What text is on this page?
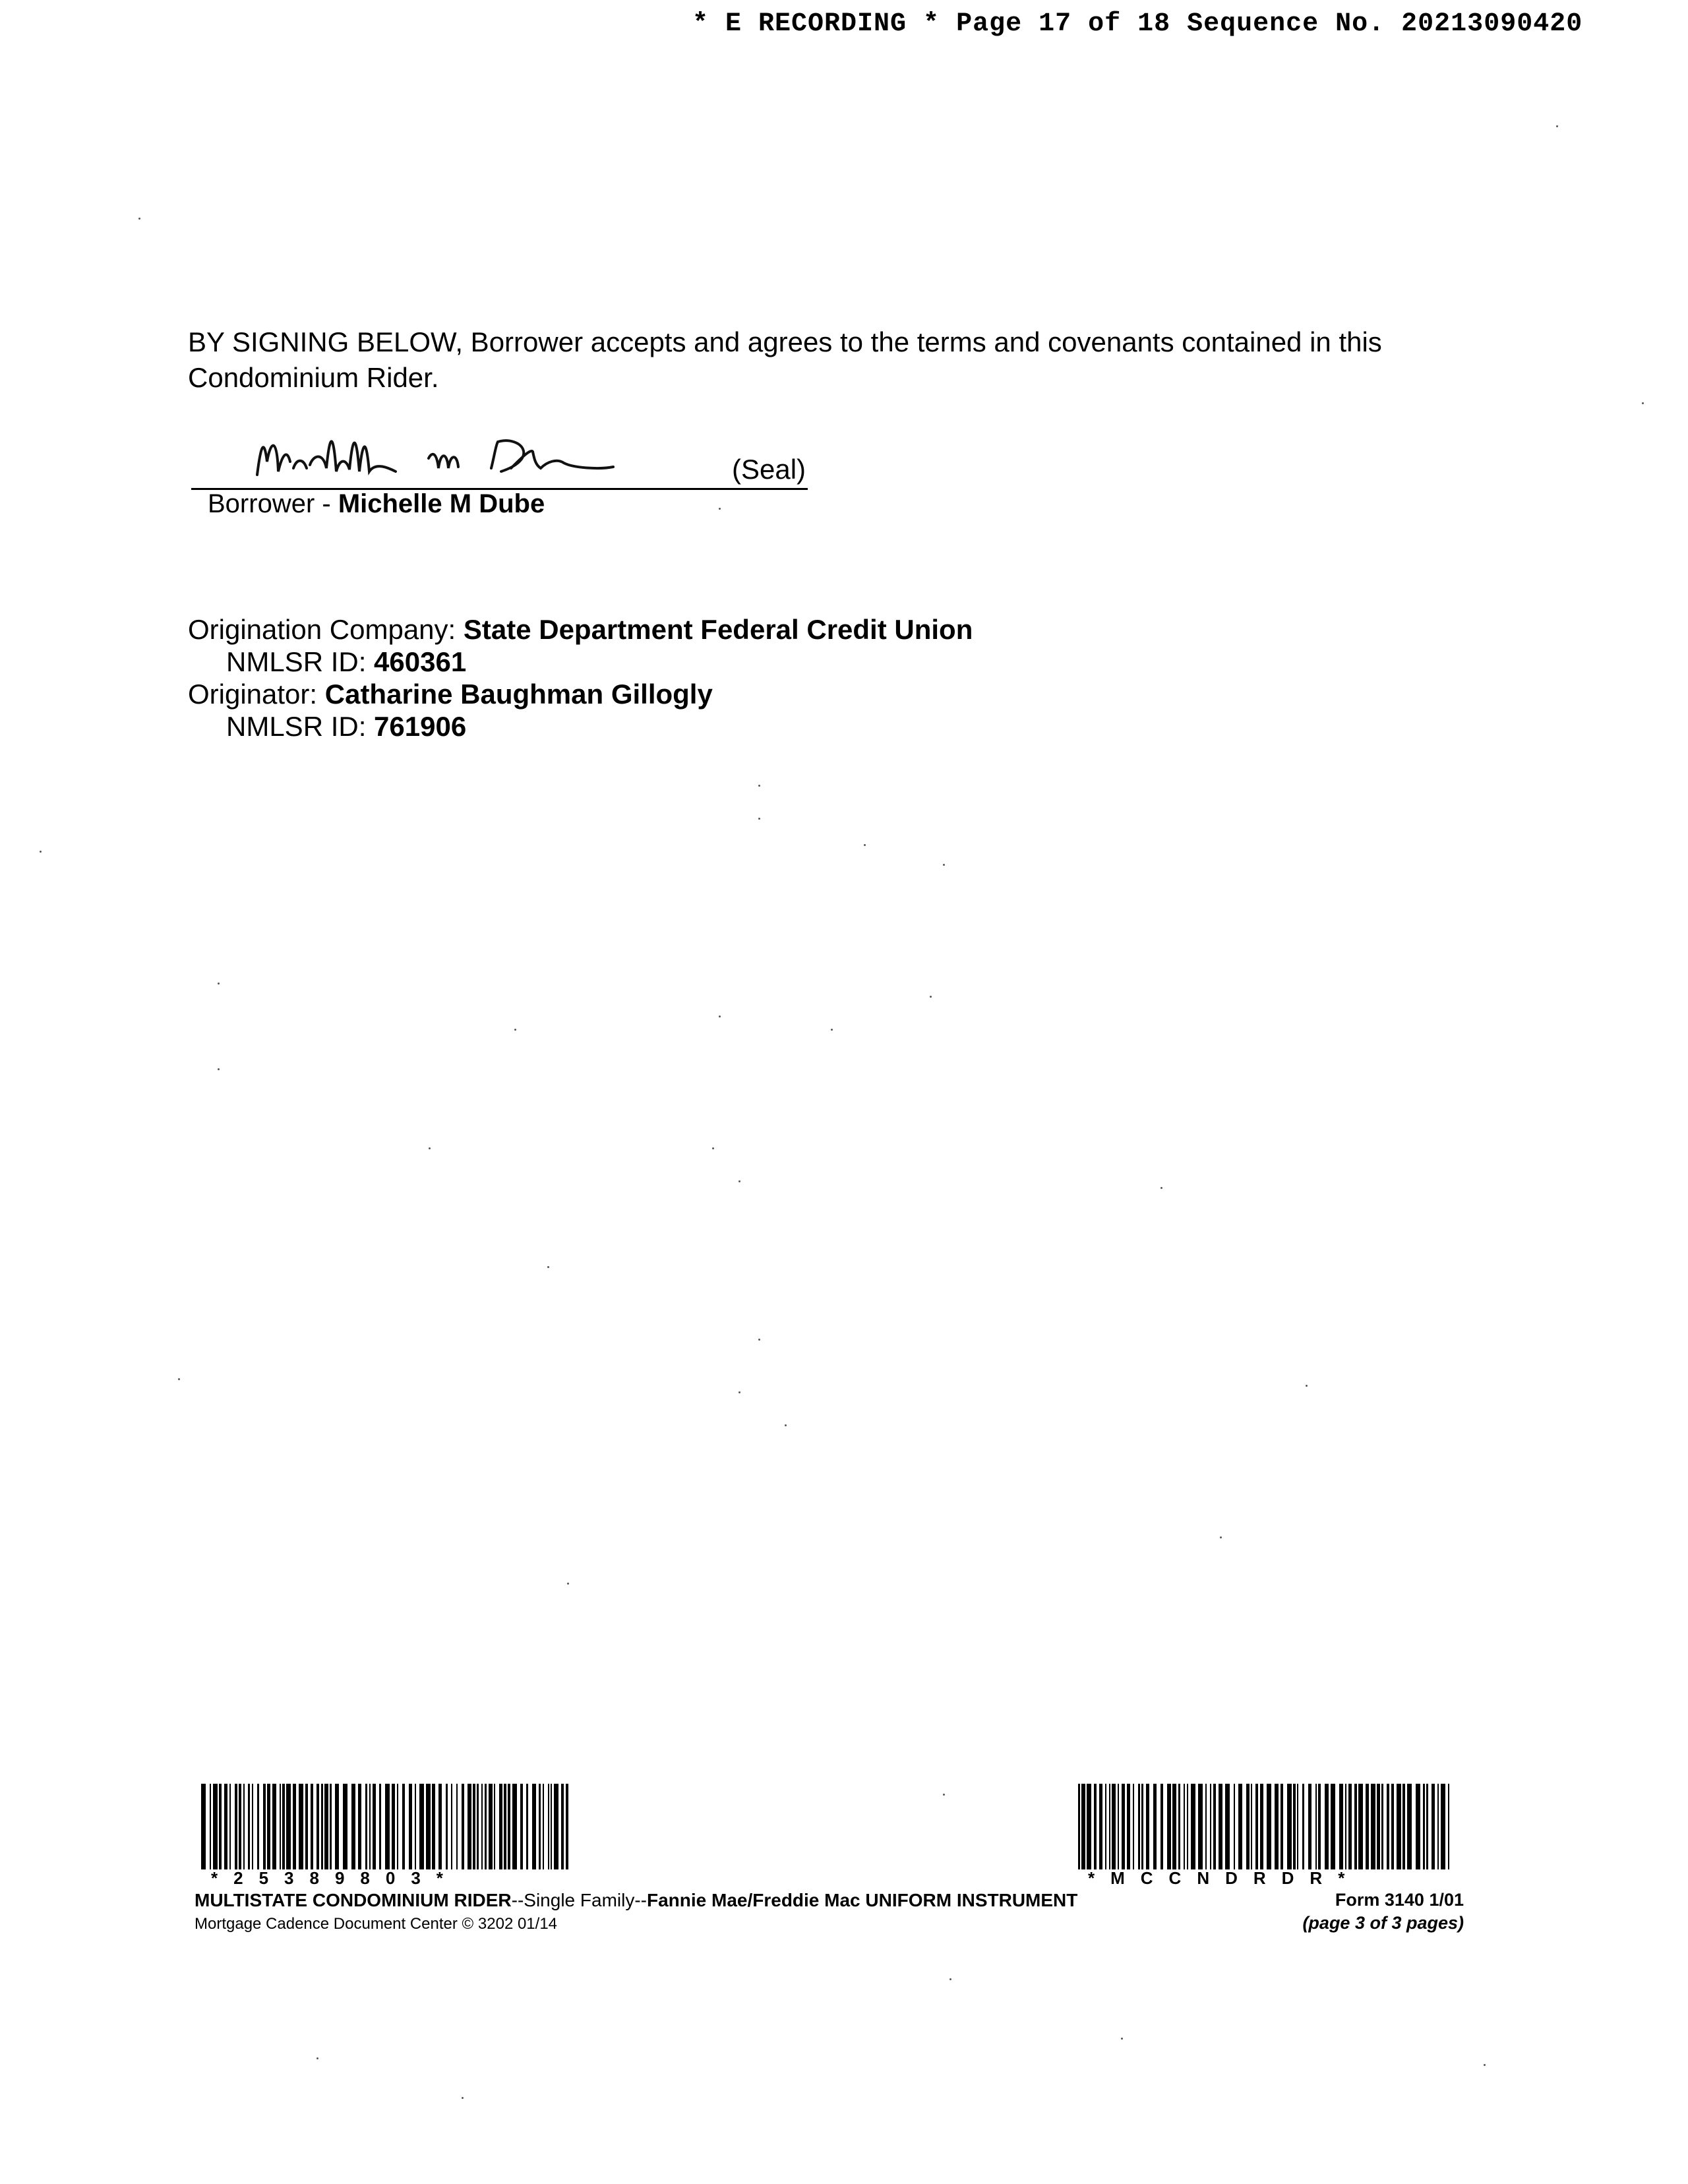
* E RECORDING * Page 17 of 18 Sequence No. 20213090420
BY SIGNING BELOW, Borrower accepts and agrees to the terms and covenants contained in this Condominium Rider.
(Seal)
Borrower - Michelle M Dube
Origination Company: State Department Federal Credit Union
NMLSR ID: 460361
Originator: Catharine Baughman Gillogly
NMLSR ID: 761906
*25389803*	*MCCNDRDR*
MULTISTATE CONDOMINIUM RIDER--Single Family--Fannie Mae/Freddie Mac UNIFORM INSTRUMENT
Mortgage Cadence Document Center © 3202 01/14
Form 3140 1/01
(page 3 of 3 pages)
